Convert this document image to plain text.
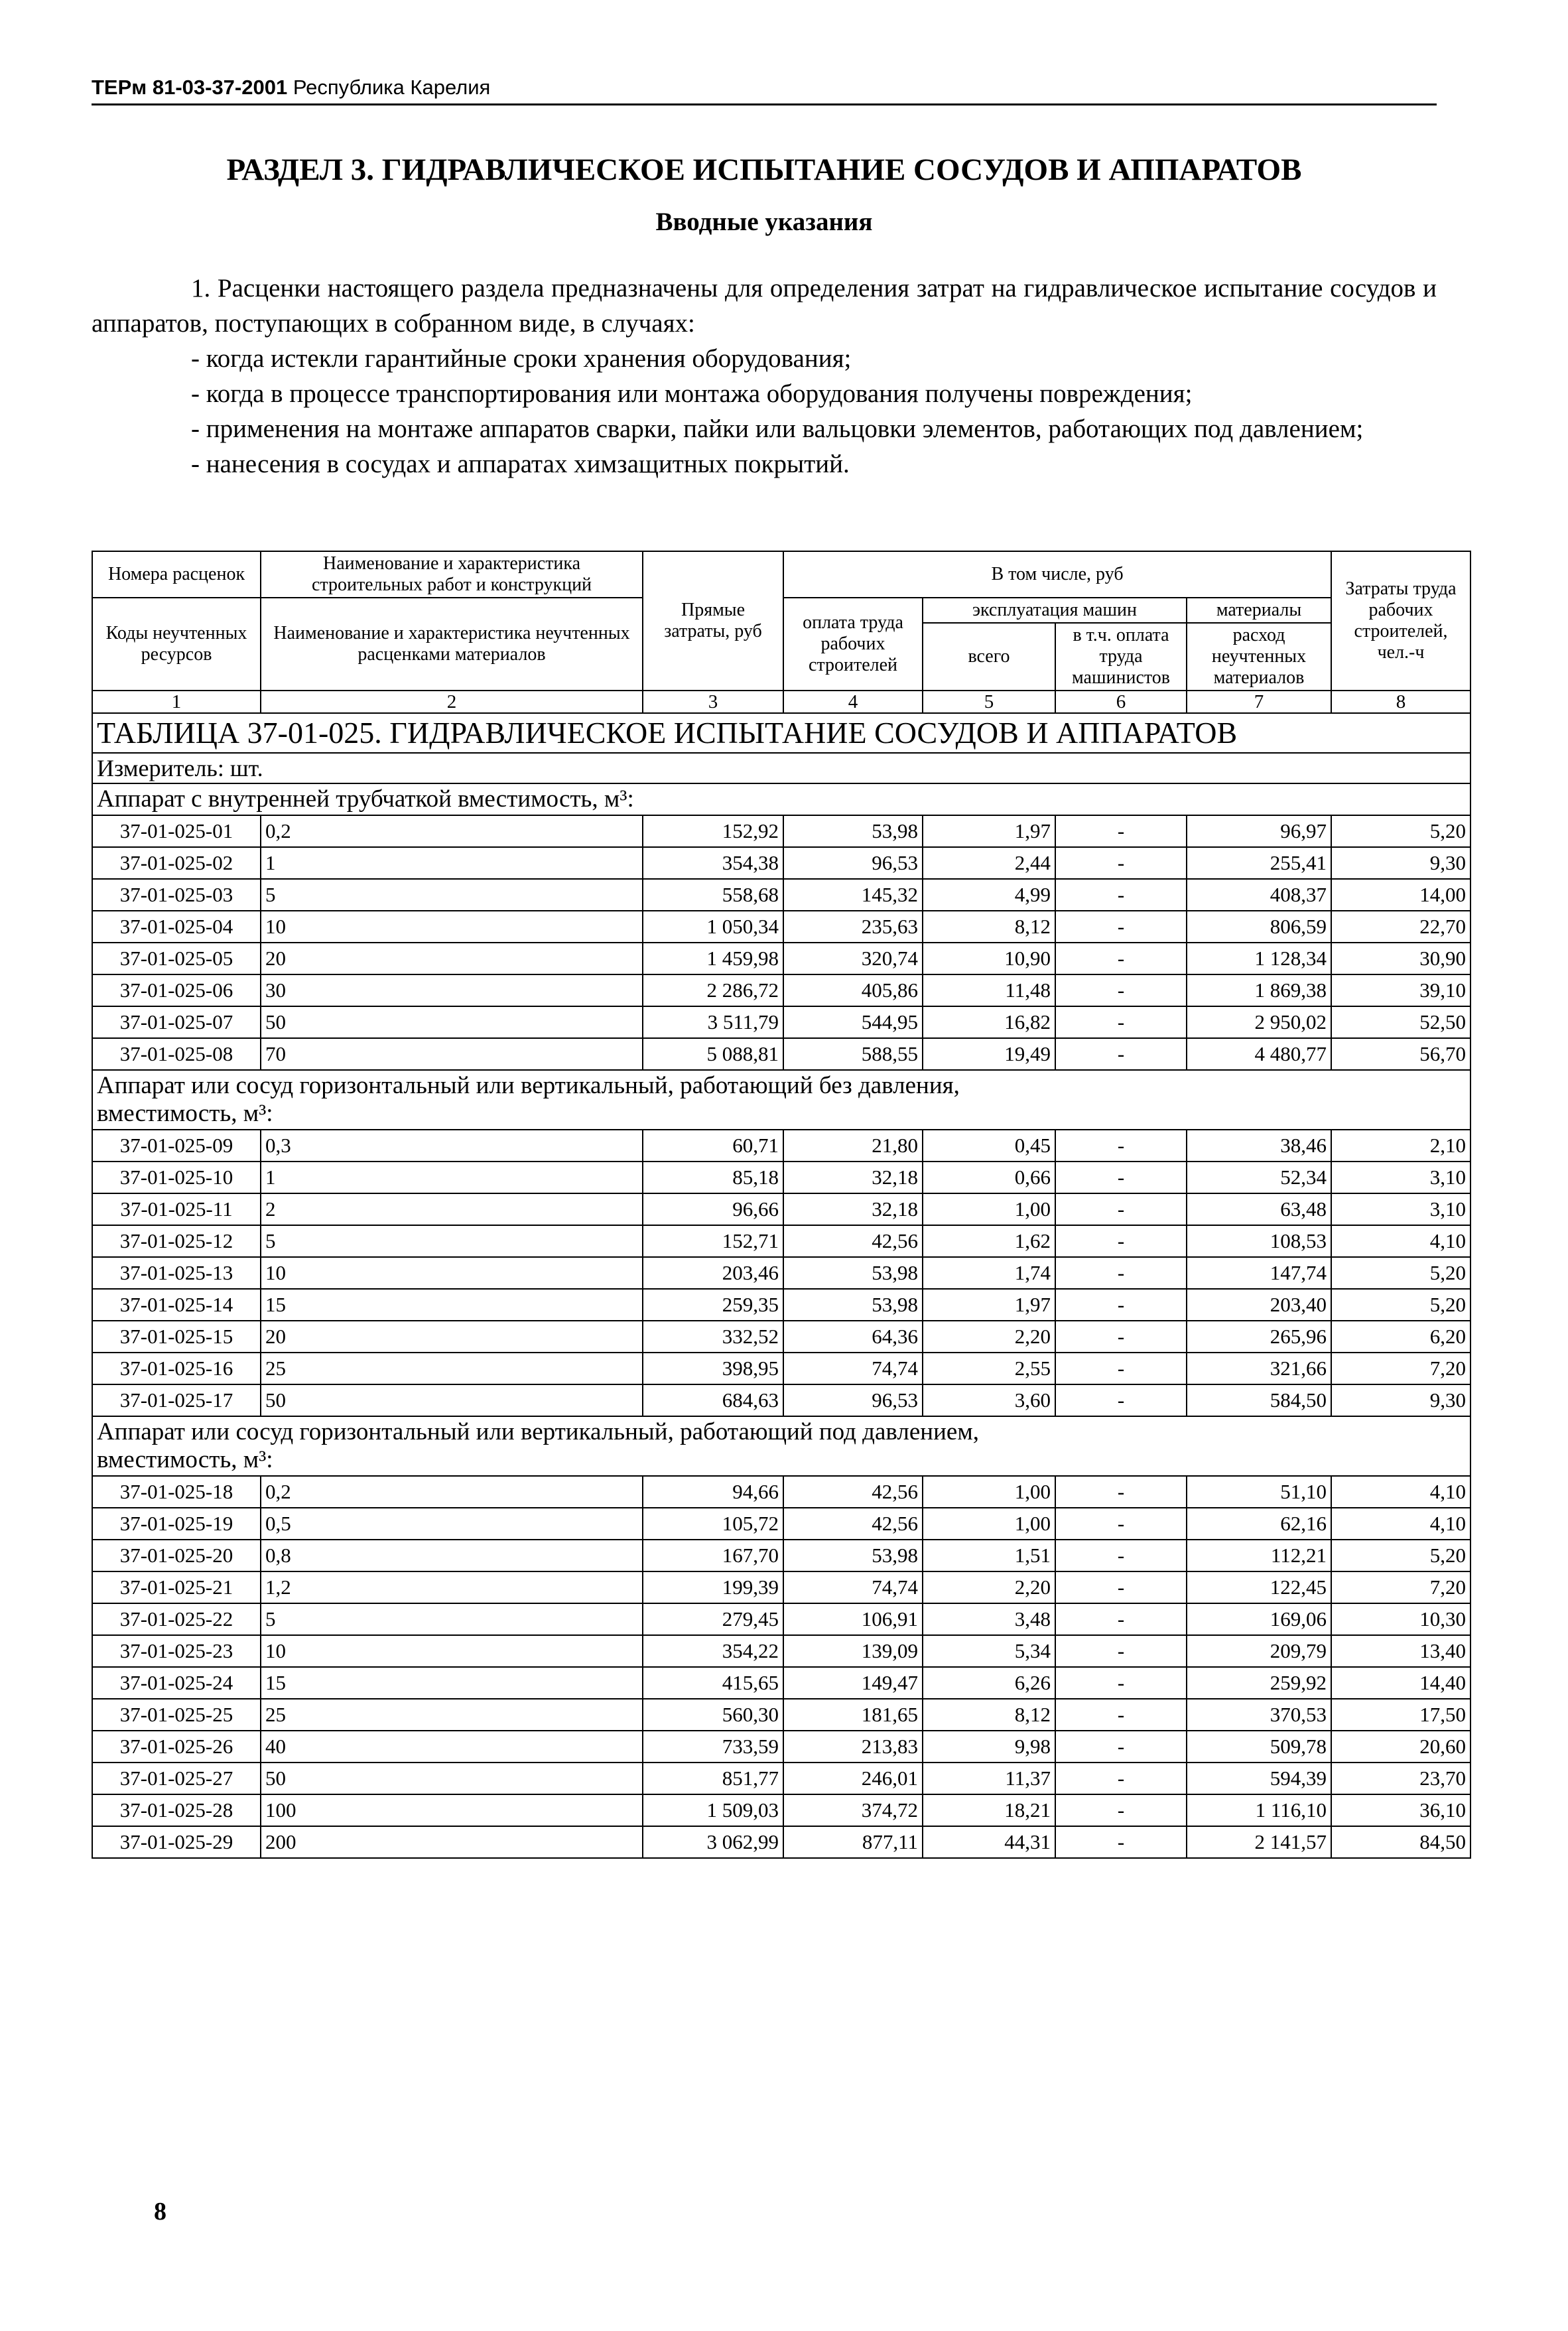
ТЕРм 81-03-37-2001 Республика Карелия
РАЗДЕЛ 3. ГИДРАВЛИЧЕСКОЕ ИСПЫТАНИЕ СОСУДОВ И АППАРАТОВ
Вводные указания

1. Расценки настоящего раздела предназначены для определения затрат на гидравлическое испытание сосудов и аппаратов, поступающих в собранном виде, в случаях:

- когда истекли гарантийные сроки хранения оборудования;

- когда в процессе транспортирования или монтажа оборудования получены повреждения;

- применения на монтаже аппаратов сварки, пайки или вальцовки элементов, работающих под давлением;

- нанесения в сосудах и аппаратах химзащитных покрытий.

Номера расценок	Наименование и характеристика строительных работ и конструкций	Прямые затраты, руб	В том числе, руб				Затраты труда рабочих строителей, чел.-ч
Коды неучтенных ресурсов	Наименование и характеристика неучтенных расценками материалов		оплата труда рабочих строителей	эксплуатация машин		материалы	
				всего	в т.ч. оплата труда машинистов	расход неучтенных материалов	
1	2	3	4	5	6	7	8
ТАБЛИЦА 37-01-025. ГИДРАВЛИЧЕСКОЕ ИСПЫТАНИЕ СОСУДОВ И АППАРАТОВ							
Измеритель: шт.							
Аппарат с внутренней трубчаткой вместимость, м³:							
37-01-025-01	0,2	152,92	53,98	1,97	-	96,97	5,20
37-01-025-02	1	354,38	96,53	2,44	-	255,41	9,30
37-01-025-03	5	558,68	145,32	4,99	-	408,37	14,00
37-01-025-04	10	1 050,34	235,63	8,12	-	806,59	22,70
37-01-025-05	20	1 459,98	320,74	10,90	-	1 128,34	30,90
37-01-025-06	30	2 286,72	405,86	11,48	-	1 869,38	39,10
37-01-025-07	50	3 511,79	544,95	16,82	-	2 950,02	52,50
37-01-025-08	70	5 088,81	588,55	19,49	-	4 480,77	56,70
Аппарат или сосуд горизонтальный или вертикальный, работающий без давления,
вместимость, м³:							
37-01-025-09	0,3	60,71	21,80	0,45	-	38,46	2,10
37-01-025-10	1	85,18	32,18	0,66	-	52,34	3,10
37-01-025-11	2	96,66	32,18	1,00	-	63,48	3,10
37-01-025-12	5	152,71	42,56	1,62	-	108,53	4,10
37-01-025-13	10	203,46	53,98	1,74	-	147,74	5,20
37-01-025-14	15	259,35	53,98	1,97	-	203,40	5,20
37-01-025-15	20	332,52	64,36	2,20	-	265,96	6,20
37-01-025-16	25	398,95	74,74	2,55	-	321,66	7,20
37-01-025-17	50	684,63	96,53	3,60	-	584,50	9,30
Аппарат или сосуд горизонтальный или вертикальный, работающий под давлением,
вместимость, м³:							
37-01-025-18	0,2	94,66	42,56	1,00	-	51,10	4,10
37-01-025-19	0,5	105,72	42,56	1,00	-	62,16	4,10
37-01-025-20	0,8	167,70	53,98	1,51	-	112,21	5,20
37-01-025-21	1,2	199,39	74,74	2,20	-	122,45	7,20
37-01-025-22	5	279,45	106,91	3,48	-	169,06	10,30
37-01-025-23	10	354,22	139,09	5,34	-	209,79	13,40
37-01-025-24	15	415,65	149,47	6,26	-	259,92	14,40
37-01-025-25	25	560,30	181,65	8,12	-	370,53	17,50
37-01-025-26	40	733,59	213,83	9,98	-	509,78	20,60
37-01-025-27	50	851,77	246,01	11,37	-	594,39	23,70
37-01-025-28	100	1 509,03	374,72	18,21	-	1 116,10	36,10
37-01-025-29	200	3 062,99	877,11	44,31	-	2 141,57	84,50
8
